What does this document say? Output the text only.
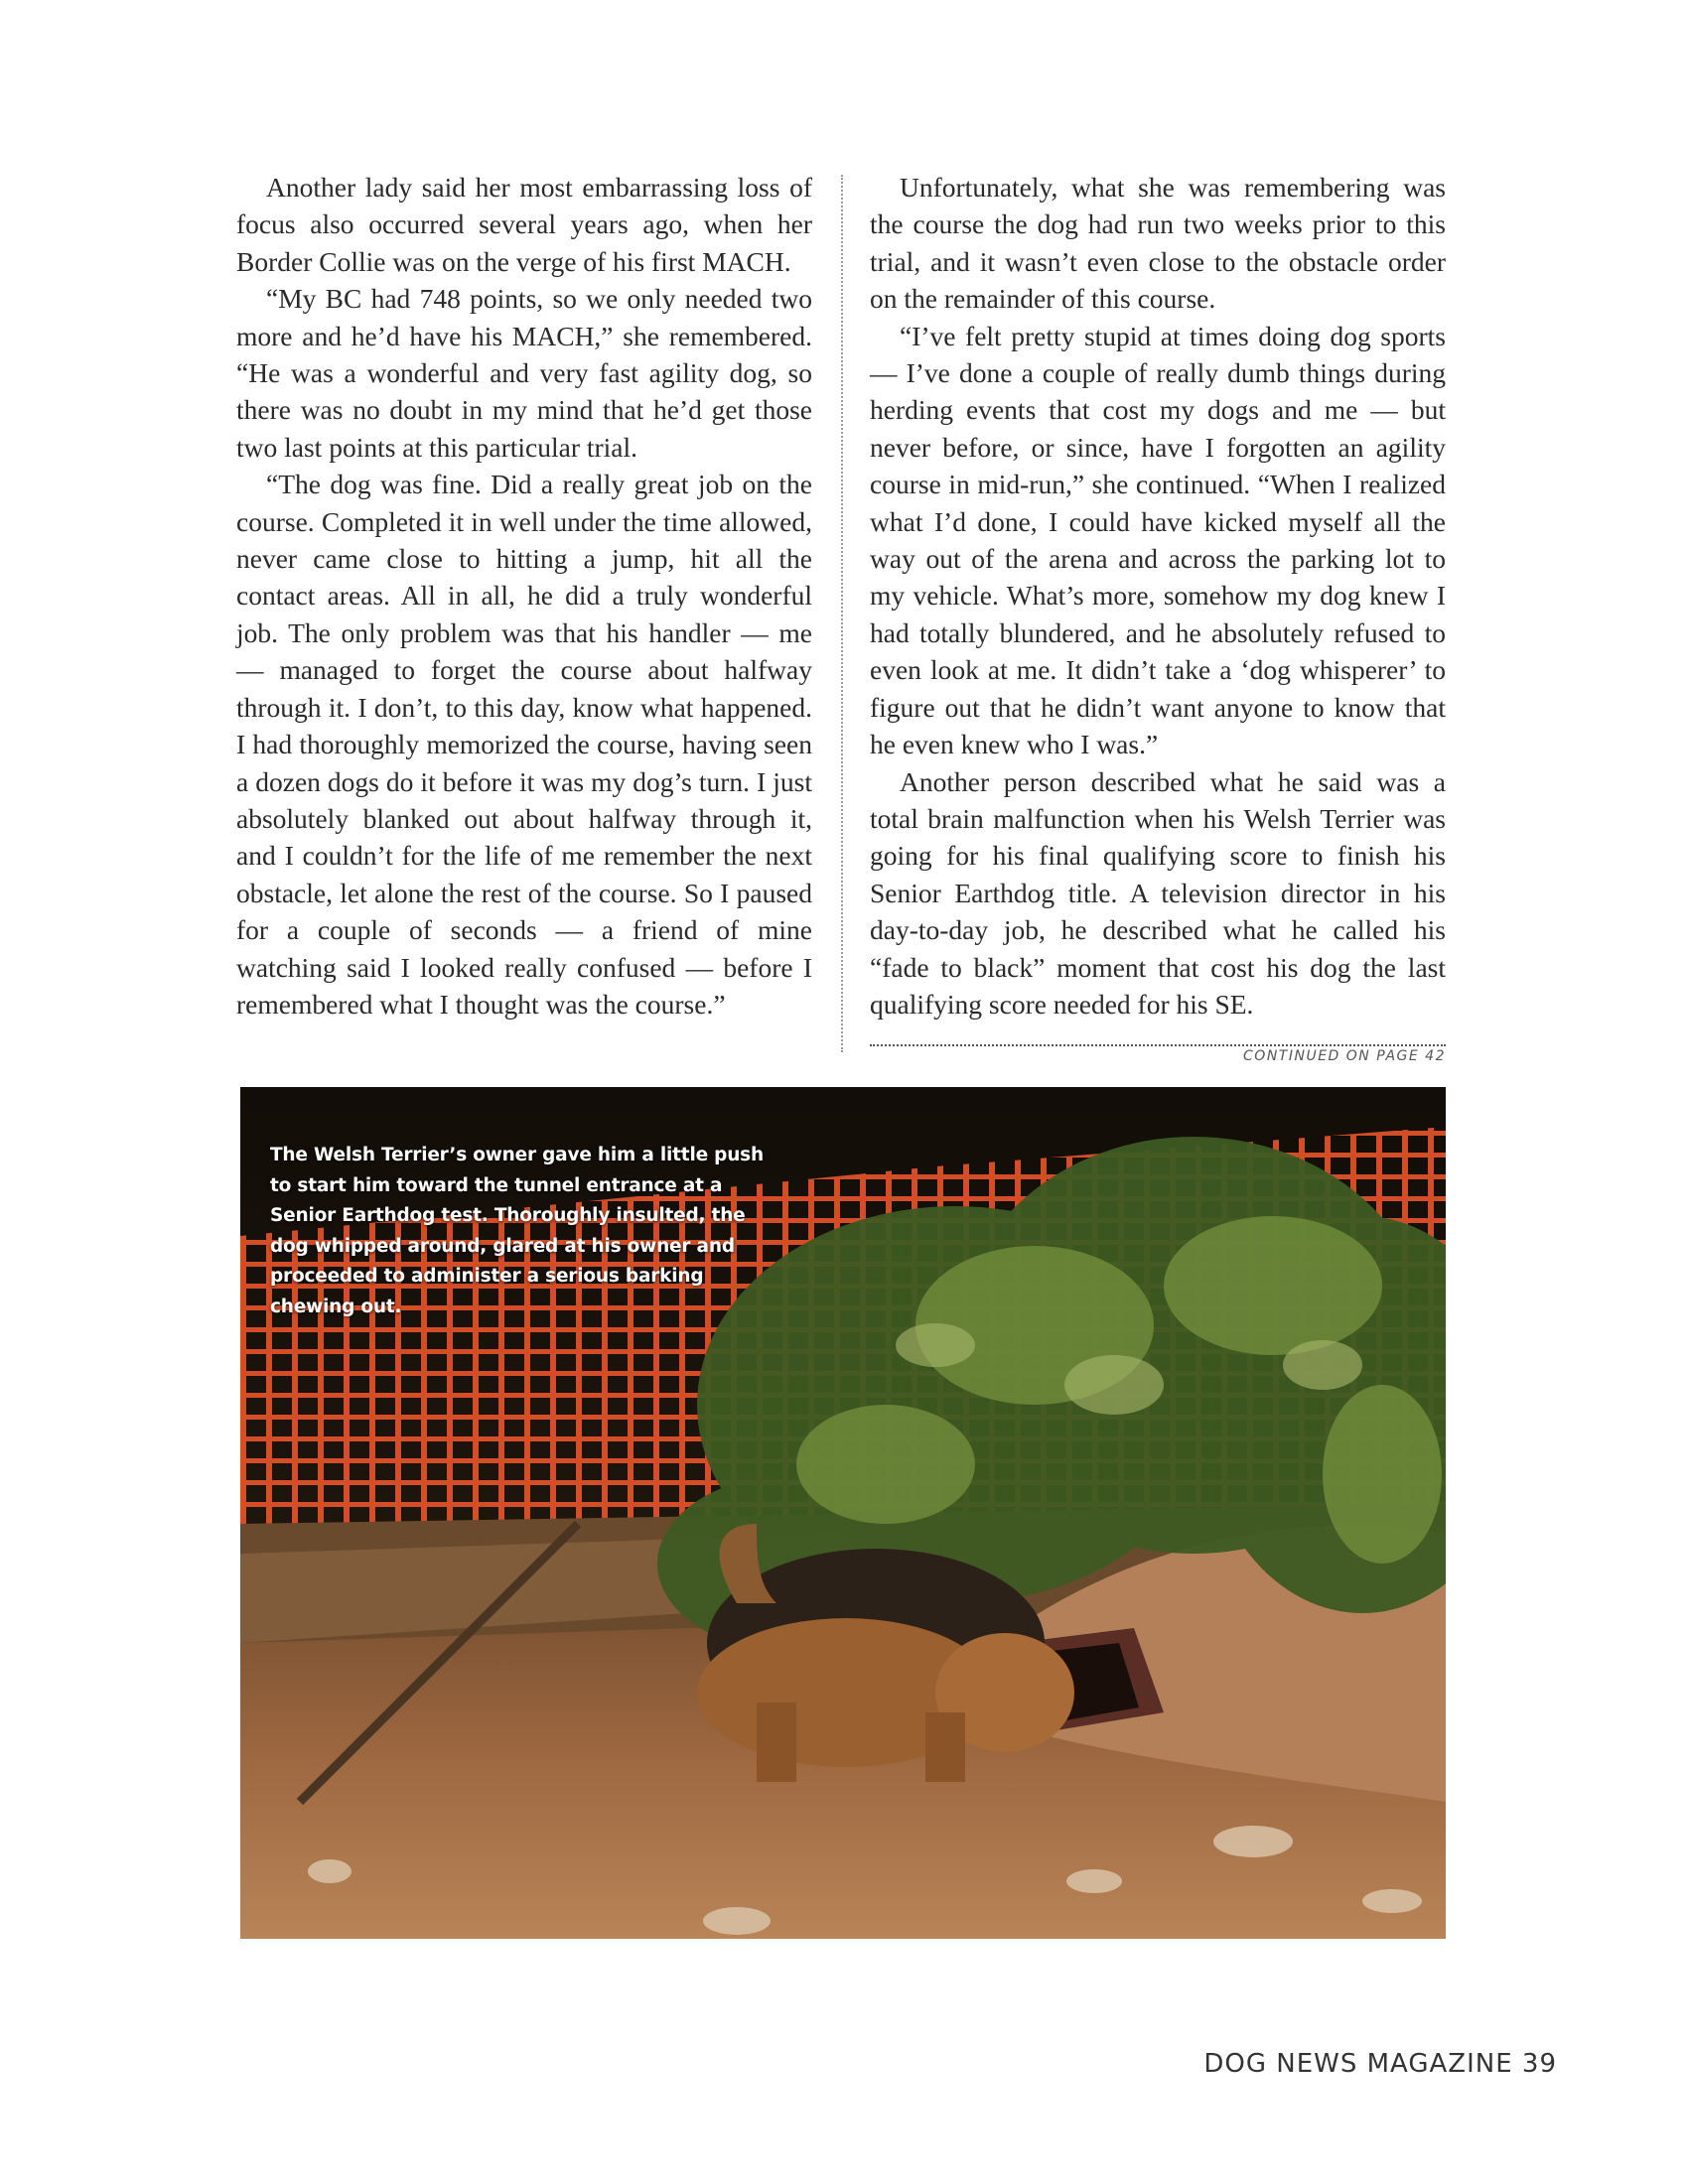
Another lady said her most embarrassing loss of focus also occurred several years ago, when her Border Collie was on the verge of his first MACH.

“My BC had 748 points, so we only needed two more and he’d have his MACH,” she remembered. “He was a wonderful and very fast agility dog, so there was no doubt in my mind that he’d get those two last points at this particular trial.

“The dog was fine. Did a really great job on the course. Completed it in well under the time allowed, never came close to hitting a jump, hit all the contact areas. All in all, he did a truly wonderful job. The only problem was that his handler — me — managed to forget the course about halfway through it. I don’t, to this day, know what happened. I had thoroughly memorized the course, having seen a dozen dogs do it before it was my dog’s turn. I just absolutely blanked out about halfway through it, and I couldn’t for the life of me remember the next obstacle, let alone the rest of the course. So I paused for a couple of seconds — a friend of mine watching said I looked really confused — before I remembered what I thought was the course.”

Unfortunately, what she was remembering was the course the dog had run two weeks prior to this trial, and it wasn’t even close to the obstacle order on the remainder of this course.

“I’ve felt pretty stupid at times doing dog sports — I’ve done a couple of really dumb things during herding events that cost my dogs and me — but never before, or since, have I forgotten an agility course in mid-run,” she continued. “When I realized what I’d done, I could have kicked myself all the way out of the arena and across the parking lot to my vehicle. What’s more, somehow my dog knew I had totally blundered, and he absolutely refused to even look at me. It didn’t take a ‘dog whisperer’ to figure out that he didn’t want anyone to know that he even knew who I was.”

Another person described what he said was a total brain malfunction when his Welsh Terrier was going for his final qualifying score to finish his Senior Earthdog title. A television director in his day-to-day job, he described what he called his “fade to black” moment that cost his dog the last qualifying score needed for his SE.

CONTINUED ON PAGE 42
The Welsh Terrier’s owner gave him a little push to start him toward the tunnel entrance at a Senior Earthdog test. Thoroughly insulted, the dog whipped around, glared at his owner and proceeded to administer a serious barking chewing out.
DOG NEWS MAGAZINE 39
